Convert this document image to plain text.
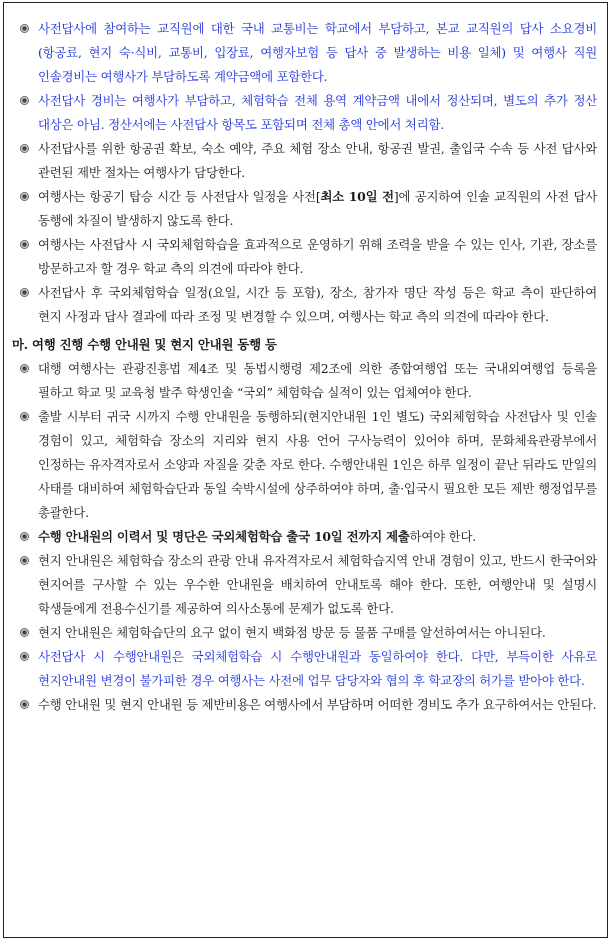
사전답사에 참여하는 교직원에 대한 국내 교통비는 학교에서 부담하고, 본교 교직원의 답사 소요경비(항공료, 현지 숙·식비, 교통비, 입장료, 여행자보험 등 답사 중 발생하는 비용 일체) 및 여행사 직원 인솔경비는 여행사가 부담하도록 계약금액에 포함한다.
사전답사 경비는 여행사가 부담하고, 체험학습 전체 용역 계약금액 내에서 정산되며, 별도의 추가 정산 대상은 아님. 정산서에는 사전답사 항목도 포함되며 전체 총액 안에서 처리함.
사전답사를 위한 항공권 확보, 숙소 예약, 주요 체험 장소 안내, 항공권 발권, 출입국 수속 등 사전 답사와 관련된 제반 절차는 여행사가 담당한다.
여행사는 항공기 탑승 시간 등 사전답사 일정을 사전[최소 10일 전]에 공지하여 인솔 교직원의 사전 답사 동행에 차질이 발생하지 않도록 한다.
여행사는 사전답사 시 국외체험학습을 효과적으로 운영하기 위해 조력을 받을 수 있는 인사, 기관, 장소를 방문하고자 할 경우 학교 측의 의견에 따라야 한다.
사전답사 후 국외체험학습 일정(요일, 시간 등 포함), 장소, 참가자 명단 작성 등은 학교 측이 판단하여 현지 사정과 답사 결과에 따라 조정 및 변경할 수 있으며, 여행사는 학교 측의 의견에 따라야 한다.
마. 여행 진행 수행 안내원 및 현지 안내원 동행 등
대행 여행사는 관광진흥법 제4조 및 동법시행령 제2조에 의한 종합여행업 또는 국내외여행업 등록을 필하고 학교 및 교육청 발주 학생인솔 “국외” 체험학습 실적이 있는 업체여야 한다.
출발 시부터 귀국 시까지 수행 안내원을 동행하되(현지안내원 1인 별도) 국외체험학습 사전답사 및 인솔 경험이 있고, 체험학습 장소의 지리와 현지 사용 언어 구사능력이 있어야 하며, 문화체육관광부에서 인정하는 유자격자로서 소양과 자질을 갖춘 자로 한다. 수행안내원 1인은 하루 일정이 끝난 뒤라도 만일의 사태를 대비하여 체험학습단과 동일 숙박시설에 상주하여야 하며, 출·입국시 필요한 모든 제반 행정업무를 총괄한다.
수행 안내원의 이력서 및 명단은 국외체험학습 출국 10일 전까지 제출하여야 한다.
현지 안내원은 체험학습 장소의 관광 안내 유자격자로서 체험학습지역 안내 경험이 있고, 반드시 한국어와 현지어를 구사할 수 있는 우수한 안내원을 배치하여 안내토록 해야 한다. 또한, 여행안내 및 설명시 학생들에게 전용수신기를 제공하여 의사소통에 문제가 없도록 한다.
현지 안내원은 체험학습단의 요구 없이 현지 백화점 방문 등 물품 구매를 알선하여서는 아니된다.
사전답사 시 수행안내원은 국외체험학습 시 수행안내원과 동일하여야 한다. 다만, 부득이한 사유로 현지안내원 변경이 불가피한 경우 여행사는 사전에 업무 담당자와 협의 후 학교장의 허가를 받아야 한다.
수행 안내원 및 현지 안내원 등 제반비용은 여행사에서 부담하며 어떠한 경비도 추가 요구하여서는 안된다.
